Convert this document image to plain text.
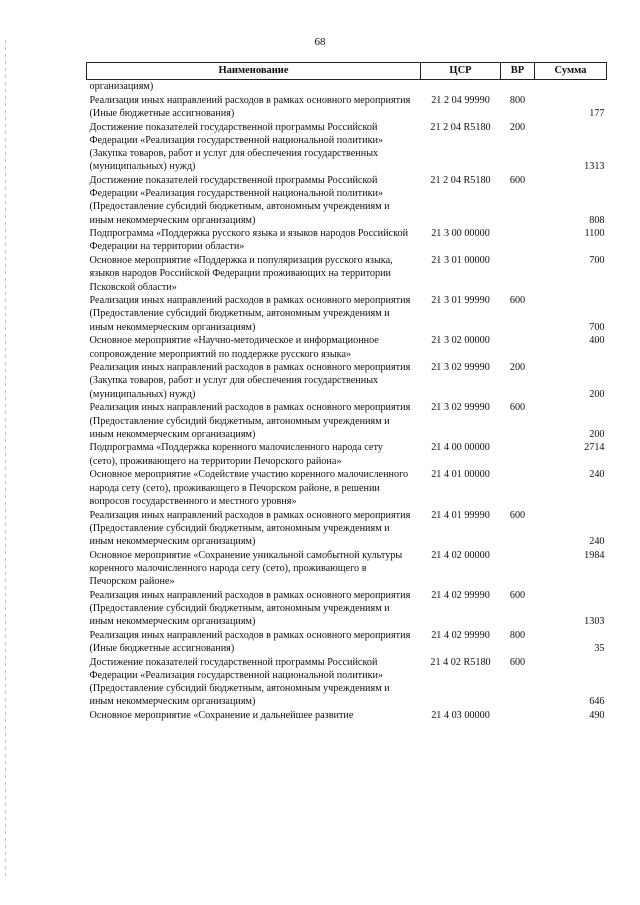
68
Наименование	ЦСР	ВР	Сумма
организациям)			
Реализация иных направлений расходов в рамках основного мероприятия (Иные бюджетные ассигнования)	21 2 04 99990	800	177
Достижение показателей государственной программы Российской Федерации «Реализация государственной национальной политики» (Закупка товаров, работ и услуг для обеспечения государственных (муниципальных) нужд)	21 2 04 R5180	200	1313
Достижение показателей государственной программы Российской Федерации «Реализация государственной национальной политики» (Предоставление субсидий бюджетным, автономным учреждениям и иным некоммерческим организациям)	21 2 04 R5180	600	808
Подпрограмма «Поддержка русского языка и языков народов Российской Федерации на территории области»	21 3 00 00000		1100
Основное мероприятие «Поддержка и популяризация русского языка, языков народов Российской Федерации проживающих на территории Псковской области»	21 3 01 00000		700
Реализация иных направлений расходов в рамках основного мероприятия (Предоставление субсидий бюджетным, автономным учреждениям и иным некоммерческим организациям)	21 3 01 99990	600	700
Основное мероприятие «Научно-методическое и информационное сопровождение мероприятий по поддержке русского языка»	21 3 02 00000		400
Реализация иных направлений расходов в рамках основного мероприятия (Закупка товаров, работ и услуг для обеспечения государственных (муниципальных) нужд)	21 3 02 99990	200	200
Реализация иных направлений расходов в рамках основного мероприятия (Предоставление субсидий бюджетным, автономным учреждениям и иным некоммерческим организациям)	21 3 02 99990	600	200
Подпрограмма «Поддержка коренного малочисленного народа сету (сето), проживающего на территории Печорского района»	21 4 00 00000		2714
Основное мероприятие «Содействие участию коренного малочисленного народа сету (сето), проживающего в Печорском районе, в решении вопросов государственного и местного уровня»	21 4 01 00000		240
Реализация иных направлений расходов в рамках основного мероприятия (Предоставление субсидий бюджетным, автономным учреждениям и иным некоммерческим организациям)	21 4 01 99990	600	240
Основное мероприятие «Сохранение уникальной самобытной культуры коренного малочисленного народа сету (сето), проживающего в Печорском районе»	21 4 02 00000		1984
Реализация иных направлений расходов в рамках основного мероприятия (Предоставление субсидий бюджетным, автономным учреждениям и иным некоммерческим организациям)	21 4 02 99990	600	1303
Реализация иных направлений расходов в рамках основного мероприятия (Иные бюджетные ассигнования)	21 4 02 99990	800	35
Достижение показателей государственной программы Российской Федерации «Реализация государственной национальной политики» (Предоставление субсидий бюджетным, автономным учреждениям и иным некоммерческим организациям)	21 4 02 R5180	600	646
Основное мероприятие «Сохранение и дальнейшее развитие	21 4 03 00000		490
